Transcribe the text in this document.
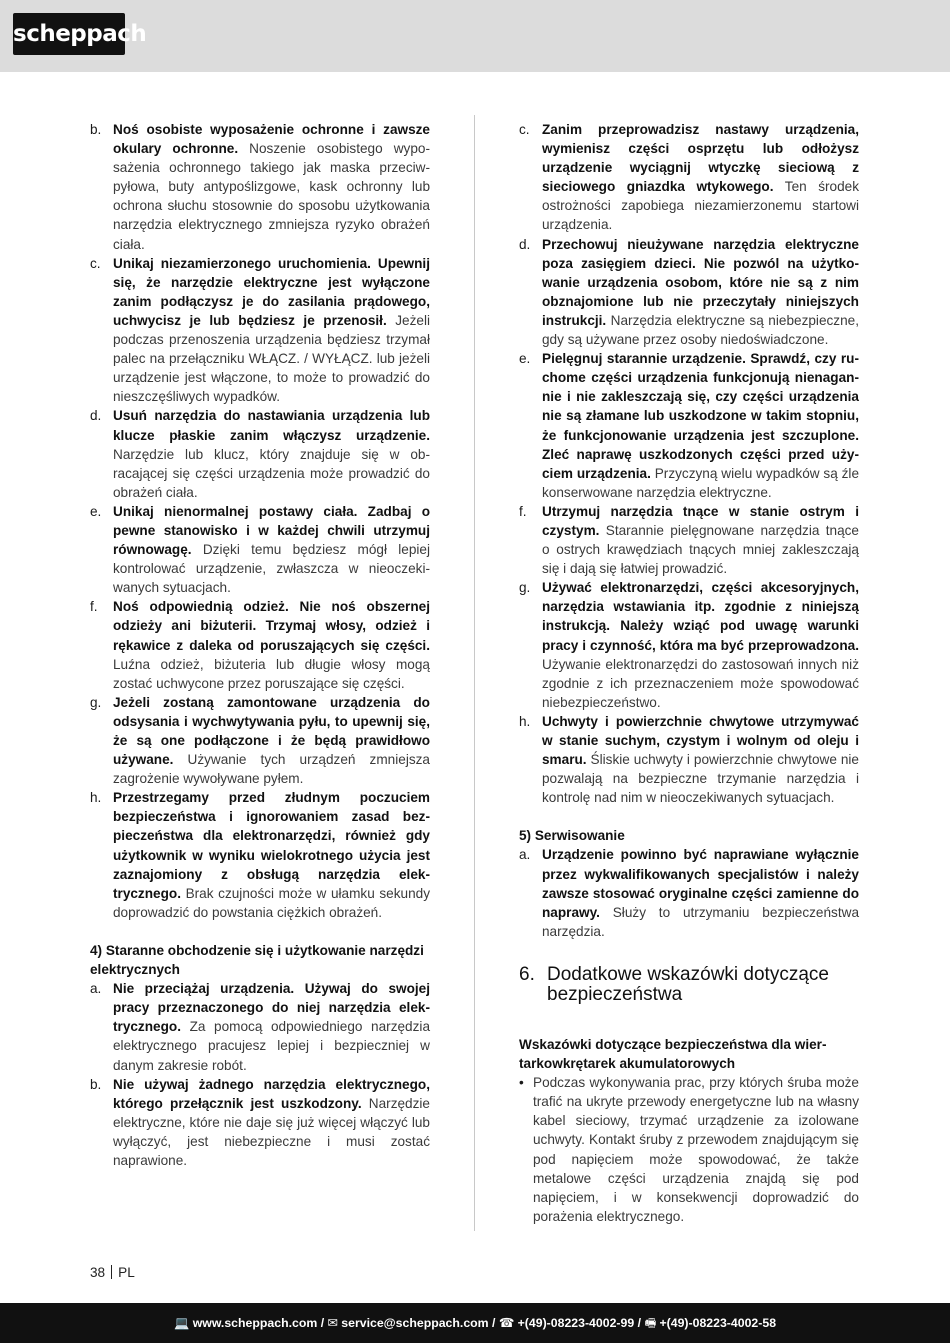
scheppach
b. Noś osobiste wyposażenie ochronne i zawsze okulary ochronne. Noszenie osobistego wyposażenia ochronnego takiego jak maska przeciwpyłowa, buty antypoślizgowe, kask ochronny lub ochrona słuchu stosownie do sposobu użytkowania narzędzia elektrycznego zmniejsza ryzyko obrażeń ciała.
c. Unikaj niezamierzonego uruchomienia. Upewnij się, że narzędzie elektryczne jest wyłączone zanim podłączysz je do zasilania prądowego, uchwycisz je lub będziesz je przenosił. Jeżeli podczas przenoszenia urządzenia będziesz trzymał palec na przełączniku WŁĄCZ. / WYŁĄCZ. lub jeżeli urządzenie jest włączone, to może to prowadzić do nieszczęśliwych wypadków.
d. Usuń narzędzia do nastawiania urządzenia lub klucze płaskie zanim włączysz urządzenie. Narzędzie lub klucz, który znajduje się w obracającej się części urządzenia może prowadzić do obrażeń ciała.
e. Unikaj nienormalnej postawy ciała. Zadbaj o pewne stanowisko i w każdej chwili utrzymuj równowagę. Dzięki temu będziesz mógł lepiej kontrolować urządzenie, zwłaszcza w nieoczekiwanych sytuacjach.
f.	Noś odpowiednią odzież. Nie noś obszernej odzieży ani biżuterii. Trzymaj włosy, odzież i rękawice z daleka od poruszających się części. Luźna odzież, biżuteria lub długie włosy mogą zostać uchwycone przez poruszające się części.
g. Jeżeli zostaną zamontowane urządzenia do odsysania i wychwytywania pyłu, to upewnij się, że są one podłączone i że będą prawidłowo używane. Używanie tych urządzeń zmniejsza zagrożenie wywoływane pyłem.
h. Przestrzegamy przed złudnym poczuciem bezpieczeństwa i ignorowaniem zasad bezpieczeństwa dla elektronarzędzi, również gdy użytkownik w wyniku wielokrotnego użycia jest zaznajomiony z obsługą narzędzia elektrycznego. Brak czujności może w ułamku sekundy doprowadzić do powstania ciężkich obrażeń.
4) Staranne obchodzenie się i użytkowanie narzędzi elektrycznych
a. Nie przeciążaj urządzenia. Używaj do swojej pracy przeznaczonego do niej narzędzia elektrycznego. Za pomocą odpowiedniego narzędzia elektrycznego pracujesz lepiej i bezpieczniej w danym zakresie robót.
b. Nie używaj żadnego narzędzia elektrycznego, którego przełącznik jest uszkodzony. Narzędzie elektryczne, które nie daje się już więcej włączyć lub wyłączyć, jest niebezpieczne i musi zostać naprawione.
c. Zanim przeprowadzisz nastawy urządzenia, wymienisz części osprzętu lub odłożysz urządzenie wyciągnij wtyczkę sieciową z sieciowego gniazdka wtykowego. Ten środek ostrożności zapobiega niezamierzonemu startowi urządzenia.
d. Przechowuj nieużywane narzędzia elektryczne poza zasięgiem dzieci. Nie pozwól na użytkowanie urządzenia osobom, które nie są z nim obznajomione lub nie przeczytały niniejszych instrukcji. Narzędzia elektryczne są niebezpieczne, gdy są używane przez osoby niedoświadczone.
e. Pielęgnuj starannie urządzenie. Sprawdź, czy ruchome części urządzenia funkcjonują nienagannie i nie zakleszczają się, czy części urządzenia nie są złamane lub uszkodzone w takim stopniu, że funkcjonowanie urządzenia jest szczuplone. Zleć naprawę uszkodzonych części przed użyciem urządzenia. Przyczyną wielu wypadków są źle konserwowane narzędzia elektryczne.
f.	Utrzymuj narzędzia tnące w stanie ostrym i czystym. Starannie pielęgnowane narzędzia tnące o ostrych krawędziach tnących mniej zakleszczają się i dają się łatwiej prowadzić.
g. Używać elektronarzędzi, części akcesoryjnych, narzędzia wstawiania itp. zgodnie z niniejszą instrukcją. Należy wziąć pod uwagę warunki pracy i czynność, która ma być przeprowadzona. Używanie elektronarzędzi do zastosowań innych niż zgodnie z ich przeznaczeniem może spowodować niebezpieczeństwo.
h. Uchwyty i powierzchnie chwytowe utrzymywać w stanie suchym, czystym i wolnym od oleju i smaru. Śliskie uchwyty i powierzchnie chwytowe nie pozwalają na bezpieczne trzymanie narzędzia i kontrolę nad nim w nieoczekiwanych sytuacjach.
5) Serwisowanie
a. Urządzenie powinno być naprawiane wyłącznie przez wykwalifikowanych specjalistów i należy zawsze stosować oryginalne części zamienne do naprawy. Służy to utrzymaniu bezpieczeństwa narzędzia.
6. Dodatkowe wskazówki dotyczące bezpieczeństwa
Wskazówki dotyczące bezpieczeństwa dla wiertarkowkrętarek akumulatorowych
• Podczas wykonywania prac, przy których śruba może trafić na ukryte przewody energetyczne lub na własny kabel sieciowy, trzymać urządzenie za izolowane uchwyty. Kontakt śruby z przewodem znajdującym się pod napięciem może spowodować, że także metalowe części urządzenia znajdą się pod napięciem, i w konsekwencji doprowadzić do porażenia elektrycznego.
38 PL
💻 www.scheppach.com / ✉ service@scheppach.com / ☎ +(49)-08223-4002-99 / 🖷 +(49)-08223-4002-58
